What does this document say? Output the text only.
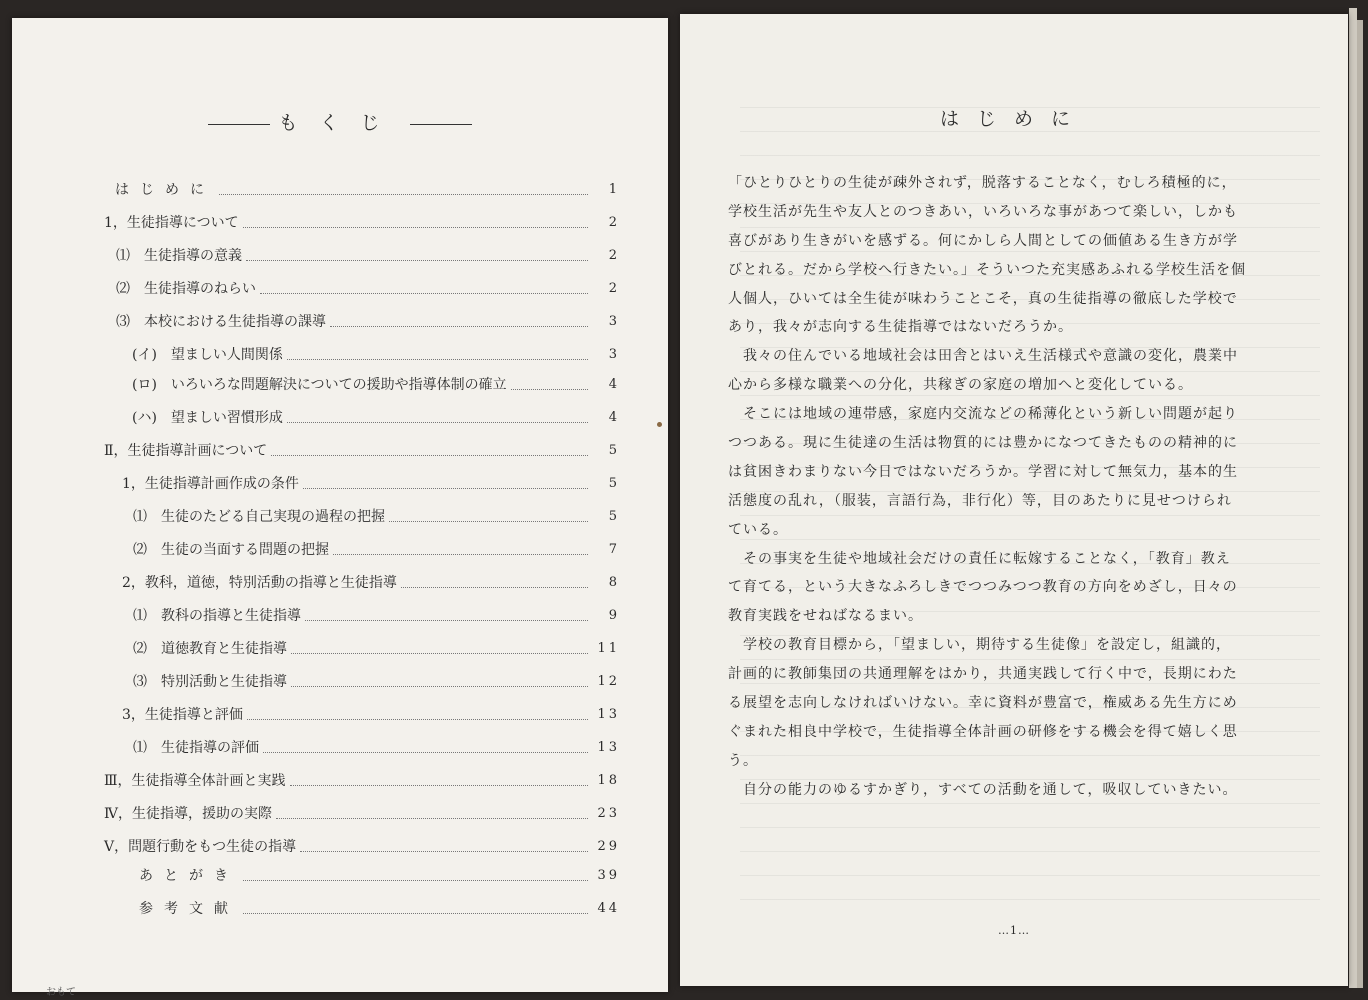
もくじ
はじめに	1
1，生徒指導について	2
⑴　生徒指導の意義	2
⑵　生徒指導のねらい	2
⑶　本校における生徒指導の課導	3
(イ)　望ましい人間関係	3
(ロ)　いろいろな問題解決についての援助や指導体制の確立	4
(ハ)　望ましい習慣形成	4
Ⅱ，生徒指導計画について	5
1，生徒指導計画作成の条件	5
⑴　生徒のたどる自己実現の過程の把握	5
⑵　生徒の当面する問題の把握	7
2，教科，道徳，特別活動の指導と生徒指導	8
⑴　教科の指導と生徒指導	9
⑵　道徳教育と生徒指導	11
⑶　特別活動と生徒指導	12
3，生徒指導と評価	13
⑴　生徒指導の評価	13
Ⅲ，生徒指導全体計画と実践	18
Ⅳ，生徒指導，援助の実際	23
Ⅴ，問題行動をもつ生徒の指導	29
あとがき	39
参考文献	44
おもて
はじめに
「ひとりひとりの生徒が疎外されず，脱落することなく，むしろ積極的に，
学校生活が先生や友人とのつきあい，いろいろな事があつて楽しい，しかも
喜びがあり生きがいを感ずる。何にかしら人間としての価値ある生き方が学
びとれる。だから学校へ行きたい。」そういつた充実感あふれる学校生活を個
人個人，ひいては全生徒が味わうことこそ，真の生徒指導の徹底した学校で
あり，我々が志向する生徒指導ではないだろうか。
　我々の住んでいる地域社会は田舎とはいえ生活様式や意識の変化，農業中
心から多様な職業への分化，共稼ぎの家庭の増加へと変化している。
　そこには地域の連帯感，家庭内交流などの稀薄化という新しい問題が起り
つつある。現に生徒達の生活は物質的には豊かになつてきたものの精神的に
は貧困きわまりない今日ではないだろうか。学習に対して無気力，基本的生
活態度の乱れ，（服装，言語行為，非行化）等，目のあたりに見せつけられ
ている。
　その事実を生徒や地域社会だけの責任に転嫁することなく，「教育」教え
て育てる，という大きなふろしきでつつみつつ教育の方向をめざし，日々の
教育実践をせねばなるまい。
　学校の教育目標から，「望ましい，期待する生徒像」を設定し，組識的，
計画的に教師集団の共通理解をはかり，共通実践して行く中で，長期にわた
る展望を志向しなければいけない。幸に資料が豊富で，権威ある先生方にめ
ぐまれた相良中学校で，生徒指導全体計画の研修をする機会を得て嬉しく思
う。
　自分の能力のゆるすかぎり，すべての活動を通して，吸収していきたい。
…1…
